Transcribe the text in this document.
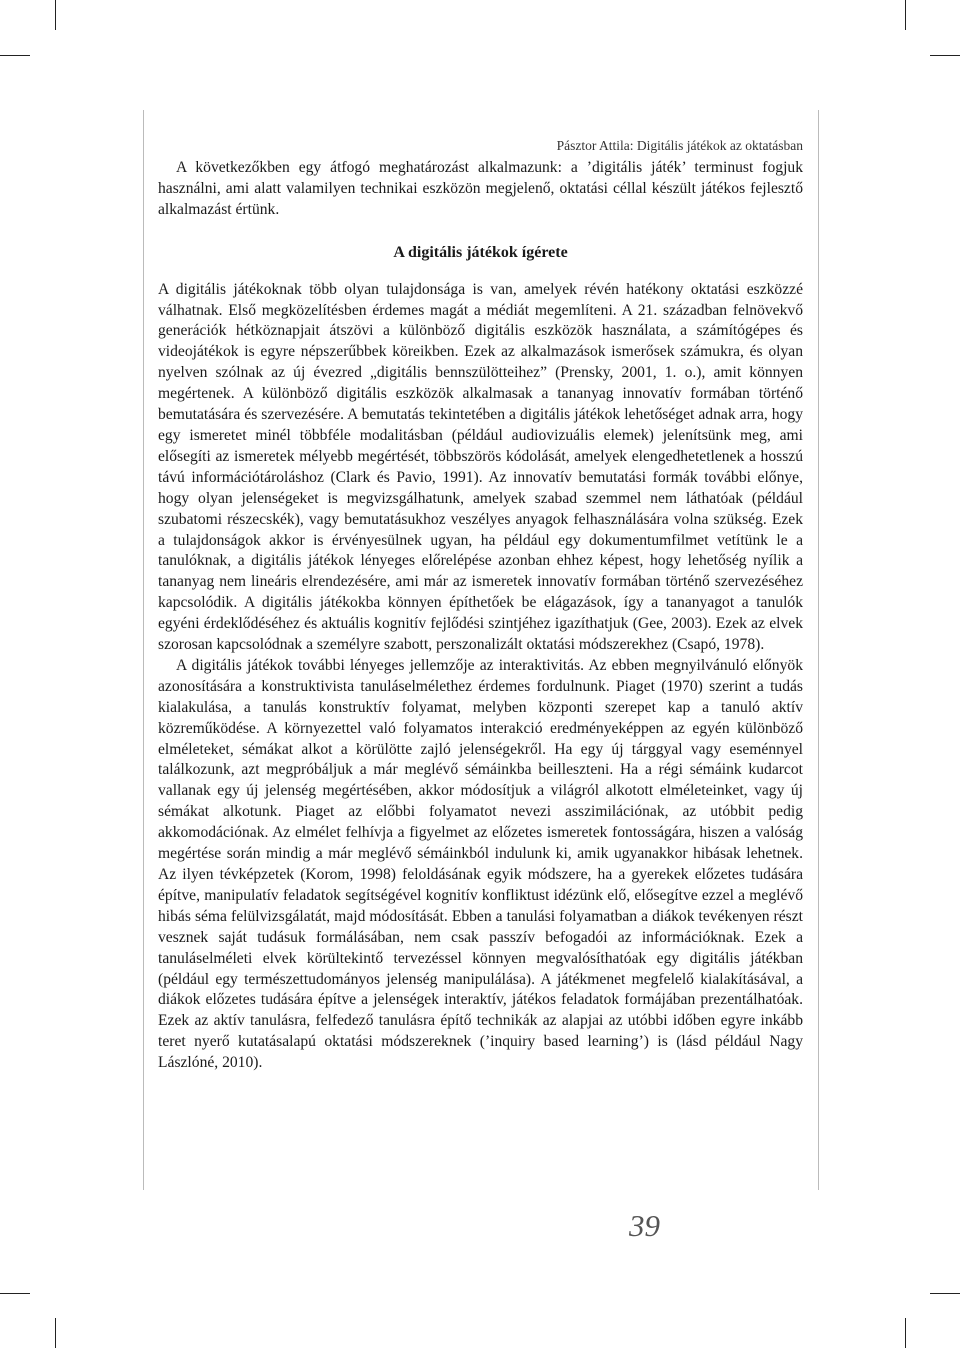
Pásztor Attila: Digitális játékok az oktatásban

A következőkben egy átfogó meghatározást alkalmazunk: a ’digitális játék’ terminust fogjuk használni, ami alatt valamilyen technikai eszközön megjelenő, oktatási céllal készült játékos fejlesztő alkalmazást értünk.

A digitális játékok ígérete

A digitális játékoknak több olyan tulajdonsága is van, amelyek révén hatékony oktatási eszközzé válhatnak. Első megközelítésben érdemes magát a médiát megemlíteni. A 21. században felnövekvő generációk hétköznapjait átszövi a különböző digitális eszközök használata, a számítógépes és videojátékok is egyre népszerűbbek köreikben. Ezek az alkalmazások ismerősek számukra, és olyan nyelven szólnak az új évezred „digitális bennszülötteihez” (Prensky, 2001, 1. o.), amit könnyen megértenek. A különböző digitális eszközök alkalmasak a tananyag innovatív formában történő bemutatására és szervezésére. A bemutatás tekintetében a digitális játékok lehetőséget adnak arra, hogy egy ismeretet minél többféle modalitásban (például audiovizuális elemek) jelenítsünk meg, ami elősegíti az ismeretek mélyebb megértését, többszörös kódolását, amelyek elengedhetetlenek a hosszú távú információtároláshoz (Clark és Pavio, 1991). Az innovatív bemutatási formák további előnye, hogy olyan jelenségeket is megvizsgálhatunk, amelyek szabad szemmel nem láthatóak (például szubatomi részecskék), vagy bemutatásukhoz veszélyes anyagok felhasználására volna szükség. Ezek a tulajdonságok akkor is érvényesülnek ugyan, ha például egy dokumentumfilmet vetítünk le a tanulóknak, a digitális játékok lényeges előrelépése azonban ehhez képest, hogy lehetőség nyílik a tananyag nem lineáris elrendezésére, ami már az ismeretek innovatív formában történő szervezéséhez kapcsolódik. A digitális játékokba könnyen építhetőek be elágazások, így a tananyagot a tanulók egyéni érdeklődéséhez és aktuális kognitív fejlődési szintjéhez igazíthatjuk (Gee, 2003). Ezek az elvek szorosan kapcsolódnak a személyre szabott, perszonalizált oktatási módszerekhez (Csapó, 1978).

A digitális játékok további lényeges jellemzője az interaktivitás. Az ebben megnyilvánuló előnyök azonosítására a konstruktivista tanuláselmélethez érdemes fordulnunk. Piaget (1970) szerint a tudás kialakulása, a tanulás konstruktív folyamat, melyben központi szerepet kap a tanuló aktív közreműködése. A környezettel való folyamatos interakció eredményeképpen az egyén különböző elméleteket, sémákat alkot a körülötte zajló jelenségekről. Ha egy új tárggyal vagy eseménnyel találkozunk, azt megpróbáljuk a már meglévő sémáinkba beilleszteni. Ha a régi sémáink kudarcot vallanak egy új jelenség megértésében, akkor módosítjuk a világról alkotott elméleteinket, vagy új sémákat alkotunk. Piaget az előbbi folyamatot nevezi asszimilációnak, az utóbbit pedig akkomodációnak. Az elmélet felhívja a figyelmet az előzetes ismeretek fontosságára, hiszen a valóság megértése során mindig a már meglévő sémáinkból indulunk ki, amik ugyanakkor hibásak lehetnek. Az ilyen tévképzetek (Korom, 1998) feloldásának egyik módszere, ha a gyerekek előzetes tudására építve, manipulatív feladatok segítségével kognitív konfliktust idézünk elő, elősegítve ezzel a meglévő hibás séma felülvizsgálatát, majd módosítását. Ebben a tanulási folyamatban a diákok tevékenyen részt vesznek saját tudásuk formálásában, nem csak passzív befogadói az információknak. Ezek a tanuláselméleti elvek körültekintő tervezéssel könnyen megvalósíthatóak egy digitális játékban (például egy természettudományos jelenség manipulálása). A játékmenet megfelelő kialakításával, a diákok előzetes tudására építve a jelenségek interaktív, játékos feladatok formájában prezentálhatóak. Ezek az aktív tanulásra, felfedező tanulásra építő technikák az alapjai az utóbbi időben egyre inkább teret nyerő kutatásalapú oktatási módszereknek (’inquiry based learning’) is (lásd például Nagy Lászlóné, 2010).

39
